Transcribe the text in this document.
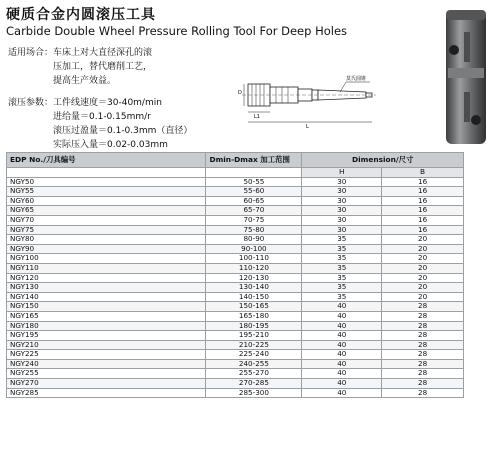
硬质合金内圆滚压工具
Carbide Double Wheel Pressure Rolling Tool For Deep Holes
适用场合：车床上对大直径深孔的滚
压加工，替代磨削工艺，
提高生产效益。
滚压参数：工件线速度＝30-40m/min
进给量＝0.1-0.15mm/r
滚压过盈量＝0.1-0.3mm（直径）
实际压入量＝0.02-0.03mm
D
L1
L
莫氏圆锥
EDP No./刀具编号	Dmin-Dmax 加工范围	Dimension/尺寸	
		H	B
NGY50	50-55	30	16
NGY55	55-60	30	16
NGY60	60-65	30	16
NGY65	65-70	30	16
NGY70	70-75	30	16
NGY75	75-80	30	16
NGY80	80-90	35	20
NGY90	90-100	35	20
NGY100	100-110	35	20
NGY110	110-120	35	20
NGY120	120-130	35	20
NGY130	130-140	35	20
NGY140	140-150	35	20
NGY150	150-165	40	28
NGY165	165-180	40	28
NGY180	180-195	40	28
NGY195	195-210	40	28
NGY210	210-225	40	28
NGY225	225-240	40	28
NGY240	240-255	40	28
NGY255	255-270	40	28
NGY270	270-285	40	28
NGY285	285-300	40	28
